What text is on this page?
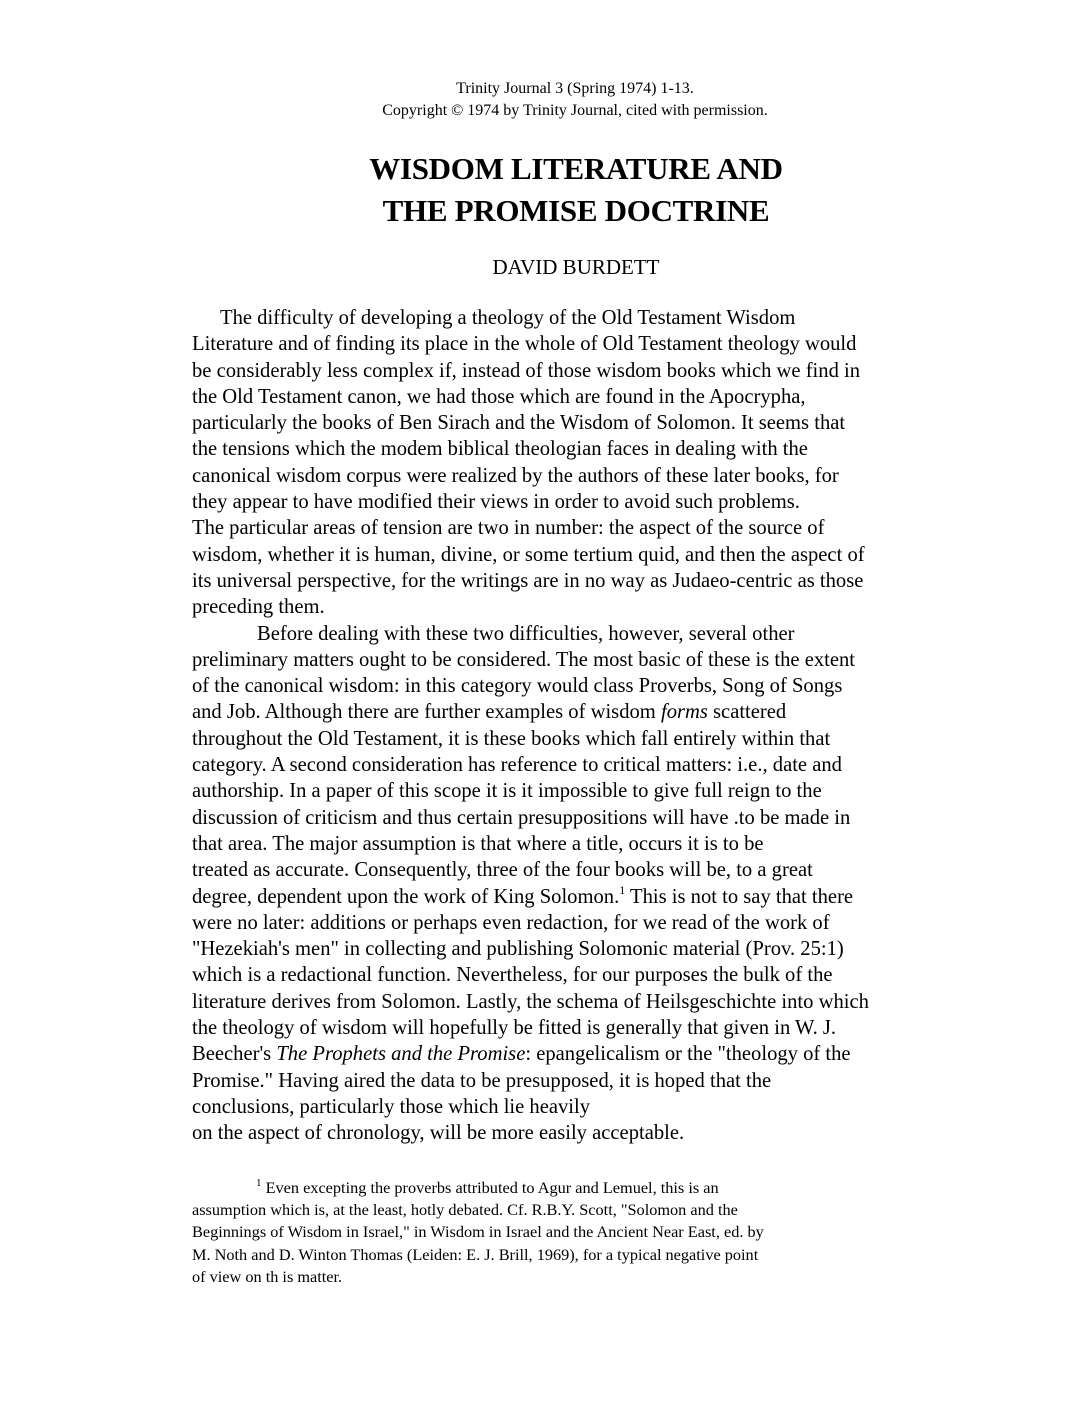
Trinity Journal 3 (Spring 1974) 1-13.
Copyright © 1974 by Trinity Journal, cited with permission.
WISDOM LITERATURE AND
THE PROMISE DOCTRINE
DAVID BURDETT
The difficulty of developing a theology of the Old Testament Wisdom
Literature and of finding its place in the whole of Old Testament theology would
be considerably less complex if, instead of those wisdom books which we find in
the Old Testament canon, we had those which are found in the Apocrypha,
particularly the books of Ben Sirach and the Wisdom of Solomon. It seems that
the tensions which the modem biblical theologian faces in dealing with the
canonical wisdom corpus were realized by the authors of these later books, for
they appear to have modified their views in order to avoid such problems.
The particular areas of tension are two in number: the aspect of the source of
wisdom, whether it is human, divine, or some tertium quid, and then the aspect of
its universal perspective, for the writings are in no way as Judaeo-centric as those
preceding them.
Before dealing with these two difficulties, however, several other
preliminary matters ought to be considered. The most basic of these is the extent
of the canonical wisdom: in this category would class Proverbs, Song of Songs
and Job. Although there are further examples of wisdom forms scattered
throughout the Old Testament, it is these books which fall entirely within that
category. A second consideration has reference to critical matters: i.e., date and
authorship. In a paper of this scope it is it impossible to give full reign to the
discussion of criticism and thus certain presuppositions will have .to be made in
that area. The major assumption is that where a title, occurs it is to be
treated as accurate. Consequently, three of the four books will be, to a great
degree, dependent upon the work of King Solomon.$^1$ This is not to say that there
were no later: additions or perhaps even redaction, for we read of the work of
"Hezekiah's men" in collecting and publishing Solomonic material (Prov. 25:1)
which is a redactional function. Nevertheless, for our purposes the bulk of the
literature derives from Solomon. Lastly, the schema of Heilsgeschichte into which
the theology of wisdom will hopefully be fitted is generally that given in W. J.
Beecher's The Prophets and the Promise: epangelicalism or the "theology of the
Promise." Having aired the data to be presupposed, it is hoped that the
conclusions, particularly those which lie heavily
on the aspect of chronology, will be more easily acceptable.
$^1$ Even excepting the proverbs attributed to Agur and Lemuel, this is an
assumption which is, at the least, hotly debated. Cf. R.B.Y. Scott, "Solomon and the
Beginnings of Wisdom in Israel," in Wisdom in Israel and the Ancient Near East, ed. by
M. Noth and D. Winton Thomas (Leiden: E. J. Brill, 1969), for a typical negative point
of view on th is matter.
